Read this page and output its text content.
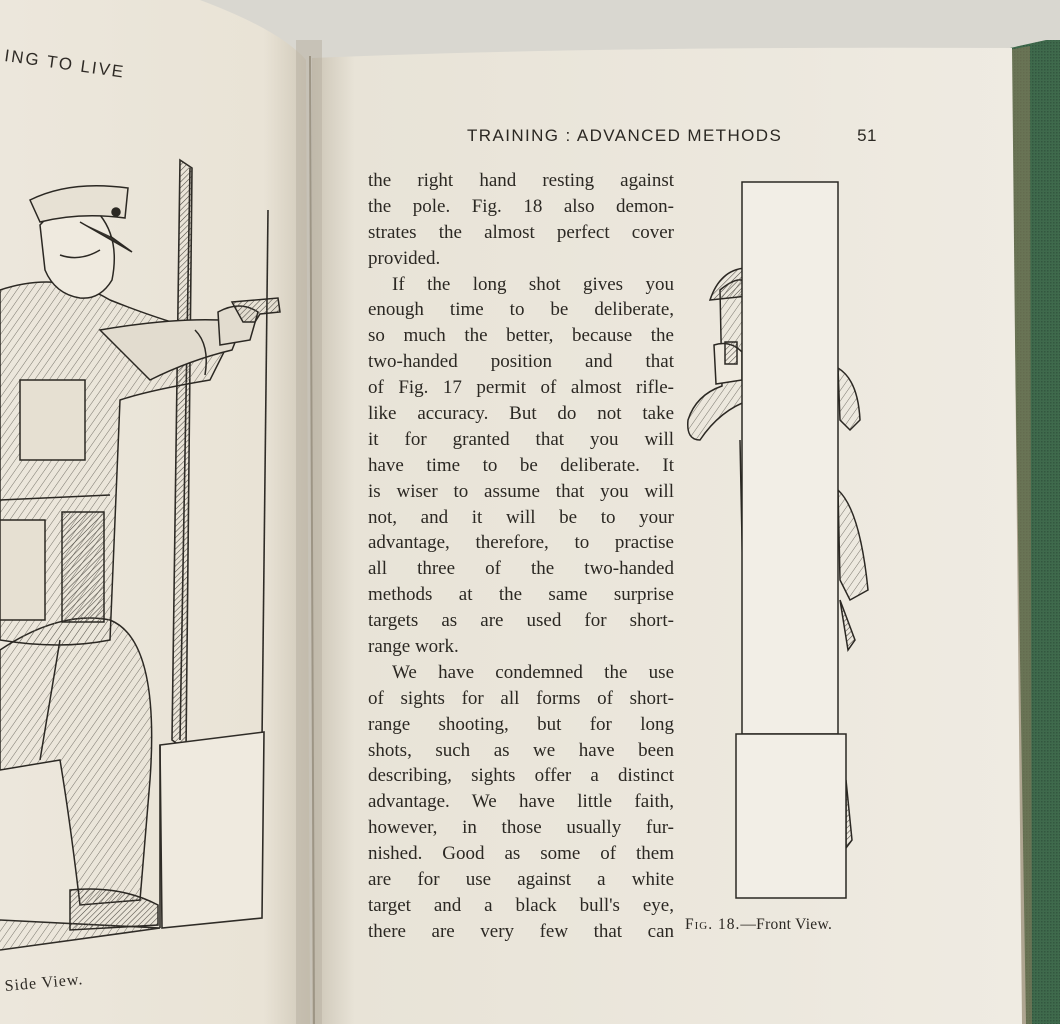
ING TO LIVE
Side View.
TRAINING : ADVANCED METHODS	51
the right hand resting against
the pole. Fig. 18 also demon-
strates the almost perfect cover
provided.
If the long shot gives you
enough time to be deliberate,
so much the better, because the
two-handed position and that
of Fig. 17 permit of almost rifle-
like accuracy. But do not take
it for granted that you will
have time to be deliberate. It
is wiser to assume that you will
not, and it will be to your
advantage, therefore, to practise
all three of the two-handed
methods at the same surprise
targets as are used for short-
range work.
We have condemned the use
of sights for all forms of short-
range shooting, but for long
shots, such as we have been
describing, sights offer a distinct
advantage. We have little faith,
however, in those usually fur-
nished. Good as some of them
are for use against a white
target and a black bull's eye,
there are very few that can Fig. 18.—Front View.
